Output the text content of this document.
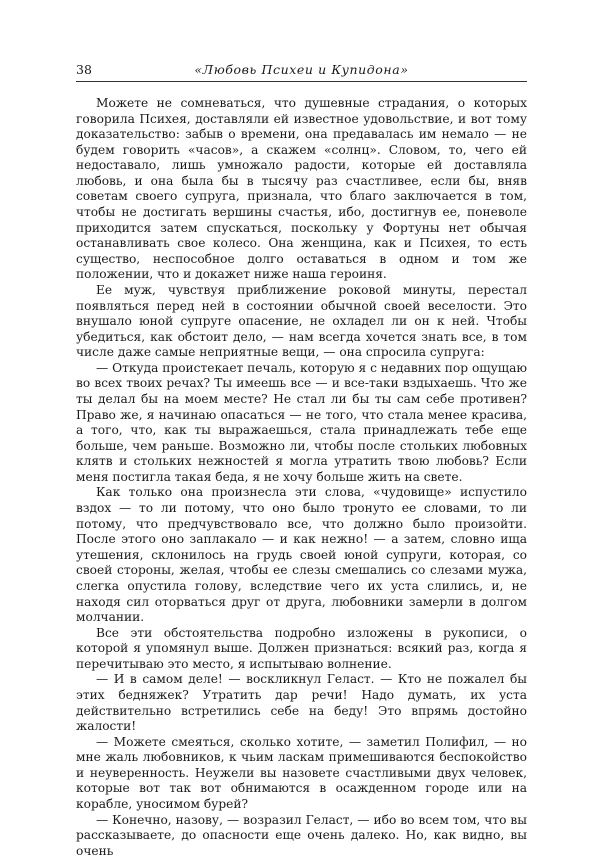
38	«Любовь Психеи и Купидона»

Можете не сомневаться, что душевные страдания, о которых говорила Психея, доставляли ей известное удовольствие, и вот тому доказательство: забыв о времени, она предавалась им немало — не будем говорить «часов», а скажем «солнц». Словом, то, чего ей недоставало, лишь умножало радости, которые ей доставляла любовь, и она была бы в тысячу раз счастливее, если бы, вняв советам своего супруга, признала, что благо заключается в том, чтобы не достигать вершины счастья, ибо, достигнув ее, поневоле приходится затем спускаться, поскольку у Фортуны нет обычая останавливать свое колесо. Она женщина, как и Психея, то есть существо, неспособное долго оставаться в одном и том же положении, что и докажет ниже наша героиня.

Ее муж, чувствуя приближение роковой минуты, перестал появляться перед ней в состоянии обычной своей веселости. Это внушало юной супруге опасение, не охладел ли он к ней. Чтобы убедиться, как обстоит дело, — нам всегда хочется знать все, в том числе даже самые неприятные вещи, — она спросила супруга:

— Откуда проистекает печаль, которую я с недавних пор ощущаю во всех твоих речах? Ты имеешь все — и все-таки вздыхаешь. Что же ты делал бы на моем месте? Не стал ли бы ты сам себе противен? Право же, я начинаю опасаться — не того, что стала менее красива, а того, что, как ты выражаешься, стала принадлежать тебе еще больше, чем раньше. Возможно ли, чтобы после стольких любовных клятв и стольких нежностей я могла утратить твою любовь? Если меня постигла такая беда, я не хочу больше жить на свете.

Как только она произнесла эти слова, «чудовище» испустило вздох — то ли потому, что оно было тронуто ее словами, то ли потому, что предчувствовало все, что должно было произойти. После этого оно заплакало — и как нежно! — а затем, словно ища утешения, склонилось на грудь своей юной супруги, которая, со своей стороны, желая, чтобы ее слезы смешались со слезами мужа, слегка опустила голову, вследствие чего их уста слились, и, не находя сил оторваться друг от друга, любовники замерли в долгом молчании.

Все эти обстоятельства подробно изложены в рукописи, о которой я упомянул выше. Должен признаться: всякий раз, когда я перечитываю это место, я испытываю волнение.

— И в самом деле! — воскликнул Геласт. — Кто не пожалел бы этих бедняжек? Утратить дар речи! Надо думать, их уста действительно встретились себе на беду! Это впрямь достойно жалости!

— Можете смеяться, сколько хотите, — заметил Полифил, — но мне жаль любовников, к чьим ласкам примешиваются беспокойство и неуверенность. Неужели вы назовете счастливыми двух человек, которые вот так вот обнимаются в осажденном городе или на корабле, уносимом бурей?

— Конечно, назову, — возразил Геласт, — ибо во всем том, что вы рассказываете, до опасности еще очень далеко. Но, как видно, вы очень
